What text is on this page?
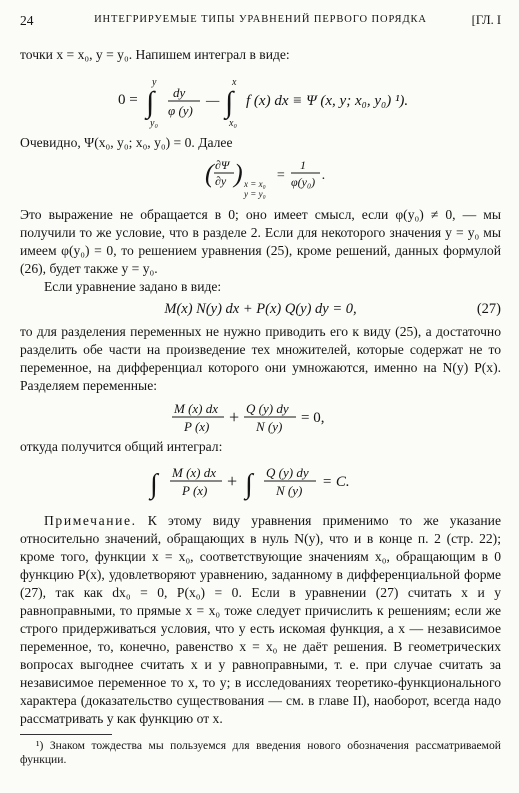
24	ИНТЕГРИРУЕМЫЕ ТИПЫ УРАВНЕНИЙ ПЕРВОГО ПОРЯДКА	[ГЛ. I

точки x = x₀, y = y₀. Напишем интеграл в виде:

0 = ∫
y
y₀
dy
φ (y)
— ∫
x
x₀
f (x) dx ≡ Ψ (x, y; x₀, y₀) ¹).

Очевидно, Ψ(x₀, y₀; x₀, y₀) = 0. Далее

( ∂Ψ
∂y ) x = x₀
y = y₀
=
1
φ(y₀) .

Это выражение не обращается в 0; оно имеет смысл, если φ(y₀) ≠ 0, — мы получили то же условие, что в разделе 2. Если для некоторого значения y = y₀ мы имеем φ(y₀) = 0, то решением уравнения (25), кроме решений, данных формулой (26), будет также y = y₀.

Если уравнение задано в виде:

M(x) N(y) dx + P(x) Q(y) dy = 0,	(27)

то для разделения переменных не нужно приводить его к виду (25), а достаточно разделить обе части на произведение тех множителей, которые содержат не то переменное, на дифференциал которого они умножаются, именно на N(y) P(x). Разделяем переменные:

M (x) dx
P (x) + Q (y) dy
N (y)
= 0,

откуда получится общий интеграл:

∫ M (x) dx
P (x) + ∫ Q (y) dy
N (y)
= C.

Примечание. К этому виду уравнения применимо то же указание относительно значений, обращающих в нуль N(y), что и в конце п. 2 (стр. 22); кроме того, функции x = x₀, соответствующие значениям x₀, обращающим в 0 функцию P(x), удовлетворяют уравнению, заданному в дифференциальной форме (27), так как dx₀ = 0, P(x₀) = 0. Если в уравнении (27) считать x и y равноправными, то прямые x = x₀ тоже следует причислить к решениям; если же строго придерживаться условия, что y есть искомая функция, а x — независимое переменное, то, конечно, равенство x = x₀ не даёт решения. В геометрических вопросах выгоднее считать x и y равноправными, т. е. при случае считать за независимое переменное то x, то y; в исследованиях теоретико-функционального характера (доказательство существования — см. в главе II), наоборот, всегда надо рассматривать y как функцию от x.

¹) Знаком тождества мы пользуемся для введения нового обозначения рассматриваемой функции.
